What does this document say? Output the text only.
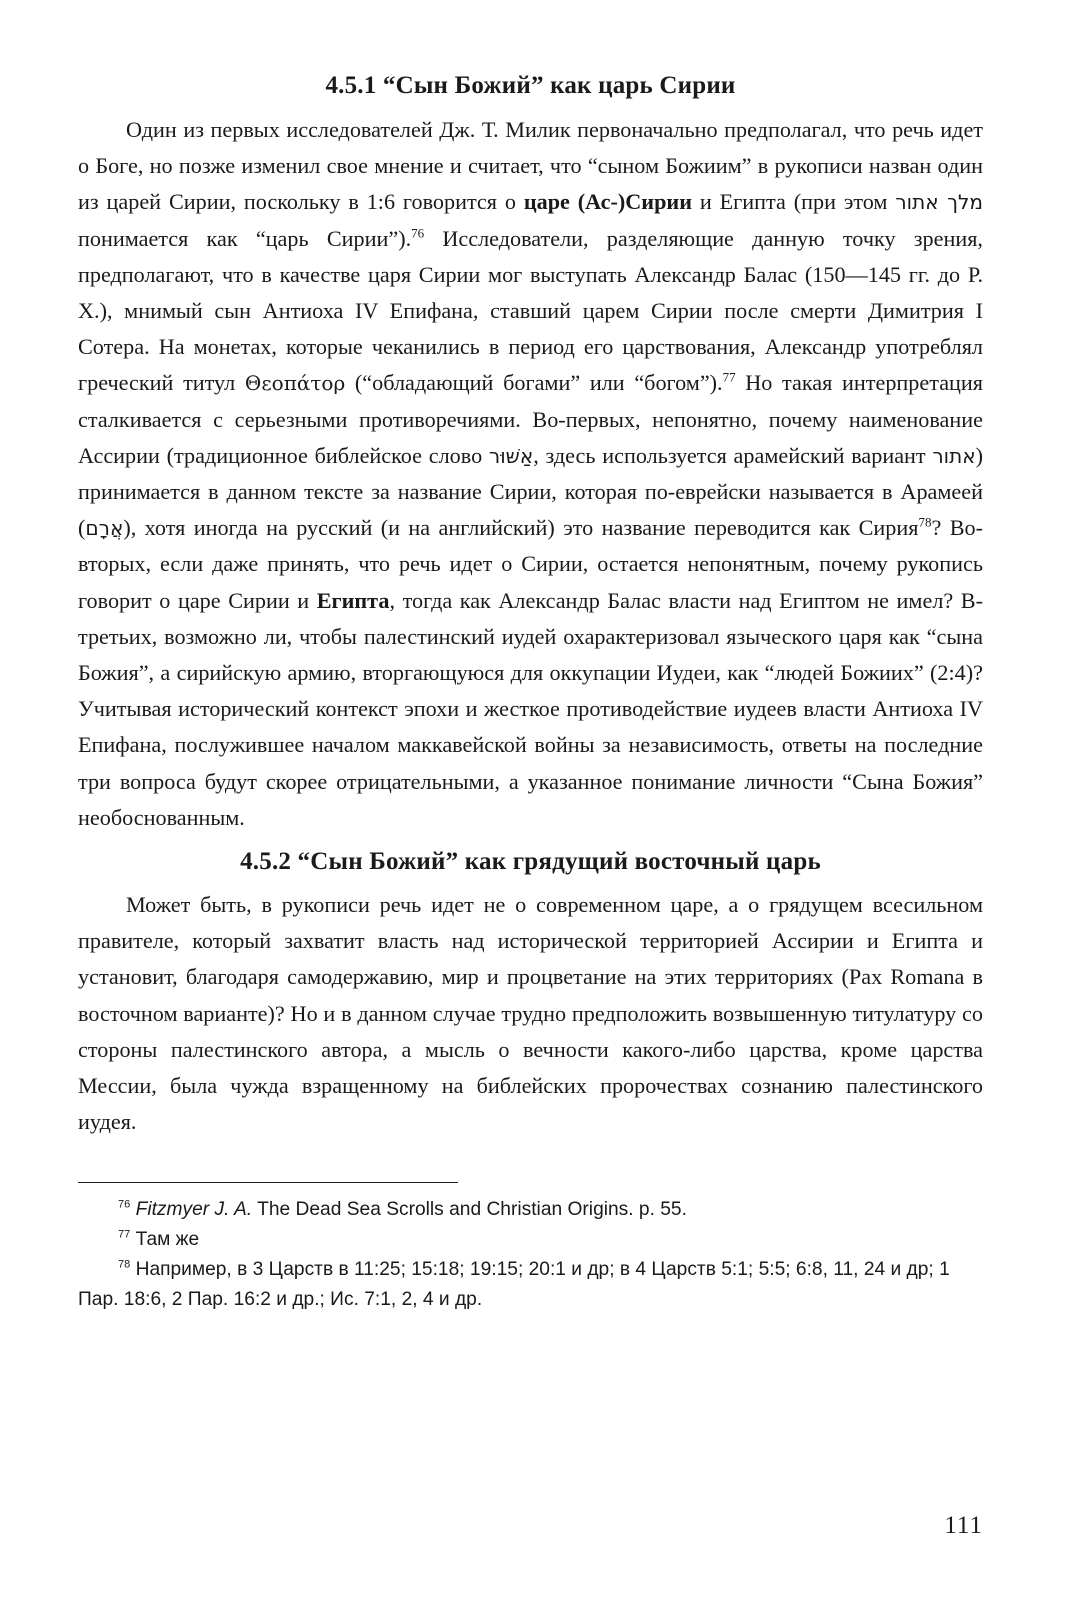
4.5.1 “Сын Божий” как царь Сирии

Один из первых исследователей Дж. Т. Милик первоначально предполагал, что речь идет о Боге, но позже изменил свое мнение и считает, что “сыном Божиим” в рукописи назван один из царей Сирии, поскольку в 1:6 говорится о царе (Ас-)Сирии и Египта (при этом מלך אתור понимается как “царь Сирии”).$^{76}$ Исследователи, разделяющие данную точку зрения, предполагают, что в качестве царя Сирии мог выступать Александр Балас (150—145 гг. до Р. Х.), мнимый сын Антиоха IV Епифана, ставший царем Сирии после смерти Димитрия I Сотера. На монетах, которые чеканились в период его царствования, Александр употреблял греческий титул Θεοπάτορ (“обладающий богами” или “богом”).$^{77}$ Но такая интерпретация сталкивается с серьезными противоречиями. Во-первых, непонятно, почему наименование Ассирии (традиционное библейское слово אַשּׁוּר, здесь используется арамейский вариант אתור) принимается в данном тексте за название Сирии, которая по-еврейски называется в Арамеей (אֲרָם), хотя иногда на русский (и на английский) это название переводится как Сирия$^{78}$? Во-вторых, если даже принять, что речь идет о Сирии, остается непонятным, почему рукопись говорит о царе Сирии и Египта, тогда как Александр Балас власти над Египтом не имел? В-третьих, возможно ли, чтобы палестинский иудей охарактеризовал языческого царя как “сына Божия”, а сирийскую армию, вторгающуюся для оккупации Иудеи, как “людей Божиих” (2:4)? Учитывая исторический контекст эпохи и жесткое противодействие иудеев власти Антиоха IV Епифана, послужившее началом маккавейской войны за независимость, ответы на последние три вопроса будут скорее отрицательными, а указанное понимание личности “Сына Божия” необоснованным.

4.5.2 “Сын Божий” как грядущий восточный царь

Может быть, в рукописи речь идет не о современном царе, а о грядущем всесильном правителе, который захватит власть над исторической территорией Ассирии и Египта и установит, благодаря самодержавию, мир и процветание на этих территориях (Pax Romana в восточном варианте)? Но и в данном случае трудно предположить возвышенную титулатуру со стороны палестинского автора, а мысль о вечности какого-либо царства, кроме царства Мессии, была чужда взращенному на библейских пророчествах сознанию палестинского иудея.

$^{76}$ Fitzmyer J. A. The Dead Sea Scrolls and Christian Origins. p. 55.

$^{77}$ Там же

$^{78}$ Например, в 3 Царств в 11:25; 15:18; 19:15; 20:1 и др; в 4 Царств 5:1; 5:5; 6:8, 11, 24 и др; 1 Пар. 18:6, 2 Пар. 16:2 и др.; Ис. 7:1, 2, 4 и др.

111
